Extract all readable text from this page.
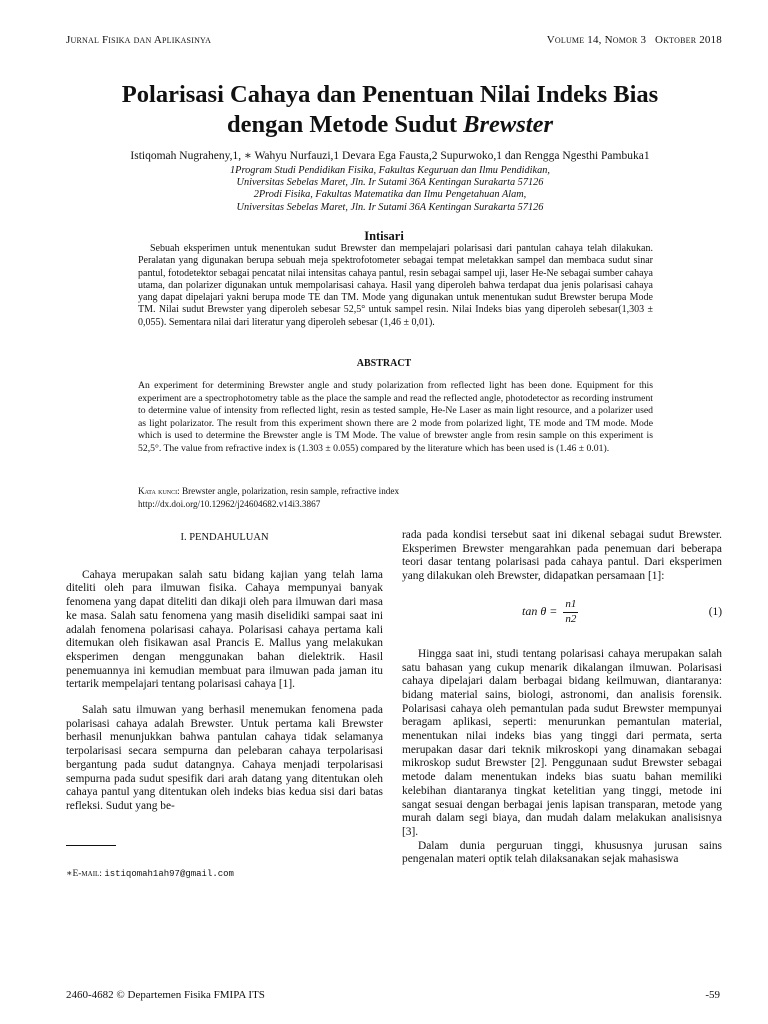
Jurnal Fisika dan Aplikasinya	Volume 14, Nomor 3 Oktober 2018
Polarisasi Cahaya dan Penentuan Nilai Indeks Bias
dengan Metode Sudut Brewster
Istiqomah Nugraheny,1, ∗ Wahyu Nurfauzi,1 Devara Ega Fausta,2 Supurwoko,1 dan Rengga Ngesthi Pambuka1
1Program Studi Pendidikan Fisika, Fakultas Keguruan dan Ilmu Pendidikan,
Universitas Sebelas Maret, Jln. Ir Sutami 36A Kentingan Surakarta 57126
2Prodi Fisika, Fakultas Matematika dan Ilmu Pengetahuan Alam,
Universitas Sebelas Maret, Jln. Ir Sutami 36A Kentingan Surakarta 57126
Intisari
Sebuah eksperimen untuk menentukan sudut Brewster dan mempelajari polarisasi dari pantulan cahaya telah dilakukan. Peralatan yang digunakan berupa sebuah meja spektrofotometer sebagai tempat meletakkan sampel dan membaca sudut sinar pantul, fotodetektor sebagai pencatat nilai intensitas cahaya pantul, resin sebagai sampel uji, laser He-Ne sebagai sumber cahaya utama, dan polarizer digunakan untuk mempolarisasi cahaya. Hasil yang diperoleh bahwa terdapat dua jenis polarisasi cahaya yang dapat dipelajari yakni berupa mode TE dan TM. Mode yang digunakan untuk menentukan sudut Brewster berupa Mode TM. Nilai sudut Brewster yang diperoleh sebesar 52,5° untuk sampel resin. Nilai Indeks bias yang diperoleh sebesar(1,303 ± 0,055). Sementara nilai dari literatur yang diperoleh sebesar (1,46 ± 0,01).
ABSTRACT
An experiment for determining Brewster angle and study polarization from reflected light has been done. Equipment for this experiment are a spectrophotometry table as the place the sample and read the reflected angle, photodetector as recording instrument to determine value of intensity from reflected light, resin as tested sample, He-Ne Laser as main light resource, and a polarizer used as light polarizator. The result from this experiment shown there are 2 mode from polarized light, TE mode and TM mode. Mode which is used to determine the Brewster angle is TM Mode. The value of brewster angle from resin sample on this experiment is 52,5°. The value from refractive index is (1.303 ± 0.055) compared by the literature which has been used is (1.46 ± 0.01).
Kata kunci: Brewster angle, polarization, resin sample, refractive index
http://dx.doi.org/10.12962/j24604682.v14i3.3867
I. PENDAHULUAN

Cahaya merupakan salah satu bidang kajian yang telah lama diteliti oleh para ilmuwan fisika. Cahaya mempunyai banyak fenomena yang dapat diteliti dan dikaji oleh para ilmuwan dari masa ke masa. Salah satu fenomena yang masih diselidiki sampai saat ini adalah fenomena polarisasi cahaya. Polarisasi cahaya pertama kali ditemukan oleh fisikawan asal Prancis E. Mallus yang melakukan eksperimen dengan menggunakan bahan dielektrik. Hasil penemuannya ini kemudian membuat para ilmuwan pada jaman itu tertarik mempelajari tentang polarisasi cahaya [1].

Salah satu ilmuwan yang berhasil menemukan fenomena pada polarisasi cahaya adalah Brewster. Untuk pertama kali Brewster berhasil menunjukkan bahwa pantulan cahaya tidak selamanya terpolarisasi secara sempurna dan pelebaran cahaya terpolarisasi bergantung pada sudut datangnya. Cahaya menjadi terpolarisasi sempurna pada sudut spesifik dari arah datang yang ditentukan oleh cahaya pantul yang ditentukan oleh indeks bias kedua sisi dari batas refleksi. Sudut yang be-

∗E-mail: istiqomah1ah97@gmail.com

rada pada kondisi tersebut saat ini dikenal sebagai sudut Brewster. Eksperimen Brewster mengarahkan pada penemuan dari beberapa teori dasar tentang polarisasi pada cahaya pantul. Dari eksperimen yang dilakukan oleh Brewster, didapatkan persamaan [1]:

$\tan \theta = \frac{n1}{n2}$	(1)

Hingga saat ini, studi tentang polarisasi cahaya merupakan salah satu bahasan yang cukup menarik dikalangan ilmuwan. Polarisasi cahaya dipelajari dalam berbagai bidang keilmuwan, diantaranya: bidang material sains, biologi, astronomi, dan analisis forensik. Polarisasi cahaya oleh pemantulan pada sudut Brewster mempunyai beragam aplikasi, seperti: menurunkan pemantulan material, menentukan nilai indeks bias yang tinggi dari permata, serta merupakan dasar dari teknik mikroskopi yang dinamakan sebagai mikroskop sudut Brewster [2]. Penggunaan sudut Brewster sebagai metode dalam menentukan indeks bias suatu bahan memiliki kelebihan diantaranya tingkat ketelitian yang tinggi, metode ini sangat sesuai dengan berbagai jenis lapisan transparan, metode yang murah dalam segi biaya, dan mudah dalam melakukan analisisnya [3].

Dalam dunia perguruan tinggi, khususnya jurusan sains pengenalan materi optik telah dilaksanakan sejak mahasiswa

2460-4682 © Departemen Fisika FMIPA ITS	-59
